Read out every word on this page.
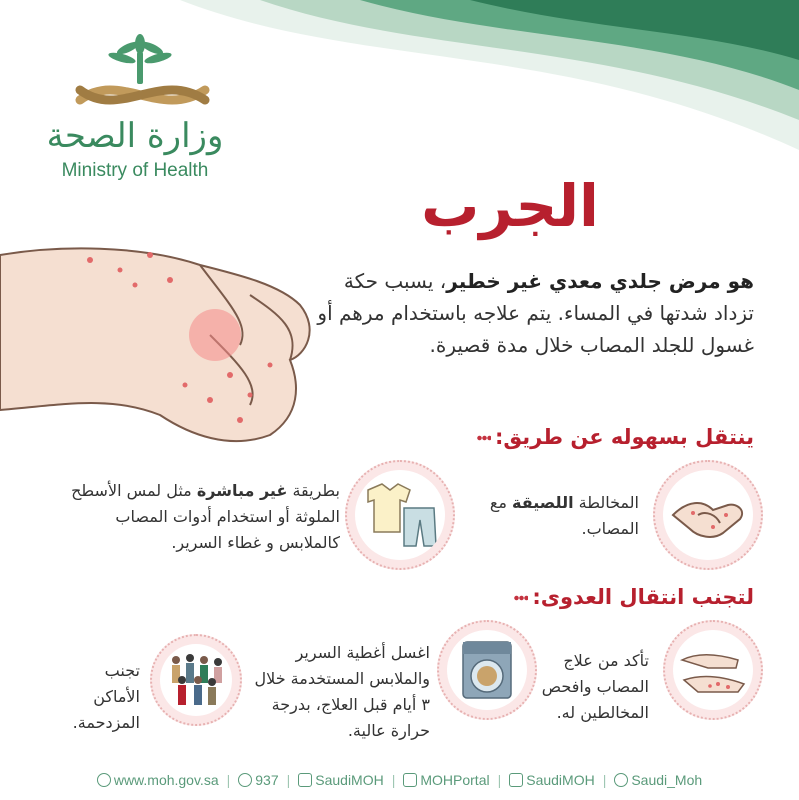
وزارة الصحة
Ministry of Health
الجرب
هو مرض جلدي معدي غير خطير، يسبب حكة تزداد شدتها في المساء. يتم علاجه باستخدام مرهم أو غسول للجلد المصاب خلال مدة قصيرة.
ينتقل بسهوله عن طريق:
المخالطة اللصيقة مع المصاب.
بطريقة غير مباشرة مثل لمس الأسطح الملوثة أو استخدام أدوات المصاب كالملابس و غطاء السرير.
لتجنب انتقال العدوى:
تأكد من علاج المصاب وافحص المخالطين له.
اغسل أغطية السرير والملابس المستخدمة خلال ٣ أيام قبل العلاج، بدرجة حرارة عالية.
تجنب الأماكن المزدحمة.
www.moh.gov.sa |	937 |	SaudiMOH |	MOHPortal |	SaudiMOH |	Saudi_Moh
